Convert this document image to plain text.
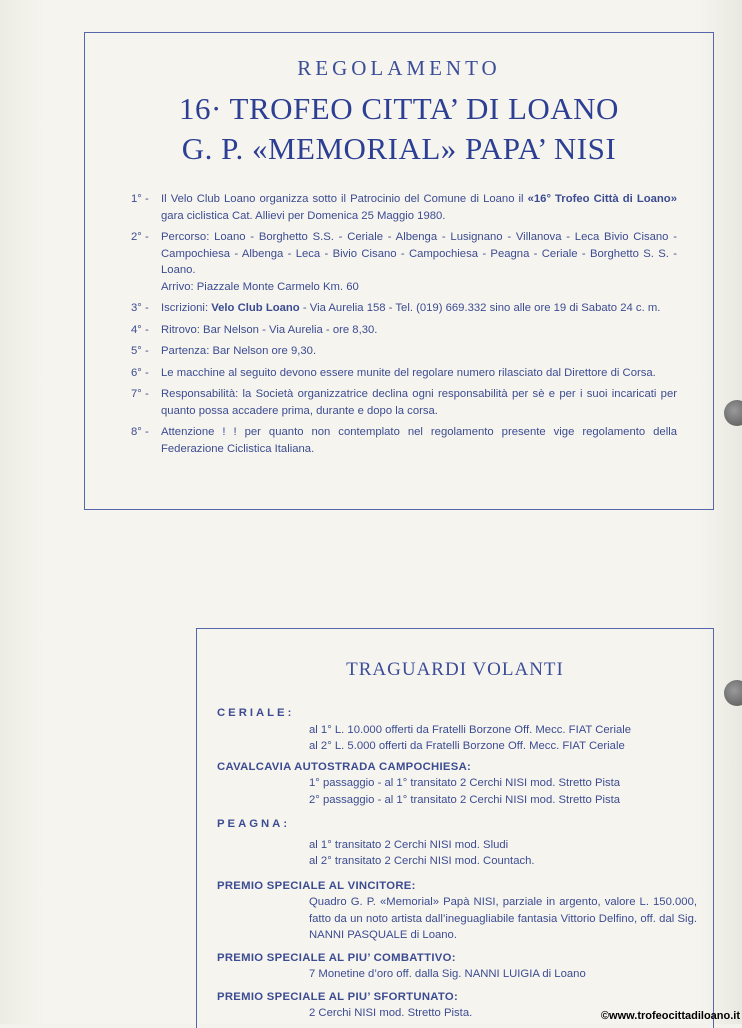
REGOLAMENTO
16· TROFEO CITTA’ DI LOANO
G. P. «MEMORIAL» PAPA’ NISI
1° -	Il Velo Club Loano organizza sotto il Patrocinio del Comune di Loano il «16° Trofeo Città di Loano» gara ciclistica Cat. Allievi per Domenica 25 Maggio 1980.
2° -	Percorso: Loano - Borghetto S.S. - Ceriale - Albenga - Lusignano - Villanova - Leca Bivio Cisano - Campochiesa - Albenga - Leca - Bivio Cisano - Campochiesa - Peagna - Ceriale - Borghetto S. S. - Loano.
Arrivo: Piazzale Monte Carmelo Km. 60
3° -	Iscrizioni: Velo Club Loano - Via Aurelia 158 - Tel. (019) 669.332 sino alle ore 19 di Sabato 24 c. m.
4° -	Ritrovo: Bar Nelson - Via Aurelia - ore 8,30.
5° -	Partenza: Bar Nelson ore 9,30.
6° -	Le macchine al seguito devono essere munite del regolare numero rilasciato dal Direttore di Corsa.
7° -	Responsabilità: la Società organizzatrice declina ogni responsabilità per sè e per i suoi incaricati per quanto possa accadere prima, durante e dopo la corsa.
8° -	Attenzione ! ! per quanto non contemplato nel regolamento presente vige regolamento della Federazione Ciclistica Italiana.
TRAGUARDI VOLANTI
CERIALE:
al 1° L. 10.000 offerti da Fratelli Borzone Off. Mecc. FIAT Ceriale
al 2° L. 5.000 offerti da Fratelli Borzone Off. Mecc. FIAT Ceriale
CAVALCAVIA AUTOSTRADA CAMPOCHIESA:
1° passaggio - al 1° transitato 2 Cerchi NISI mod. Stretto Pista
2° passaggio - al 1° transitato 2 Cerchi NISI mod. Stretto Pista
PEAGNA:
al 1° transitato 2 Cerchi NISI mod. Sludi
al 2° transitato 2 Cerchi NISI mod. Countach.
PREMIO SPECIALE AL VINCITORE:
Quadro G. P. «Memorial» Papà NISI, parziale in argento, valore L. 150.000, fatto da un noto artista dall’ineguagliabile fantasia Vittorio Delfino, off. dal Sig. NANNI PASQUALE di Loano.
PREMIO SPECIALE AL PIU’ COMBATTIVO:
7 Monetine d’oro off. dalla Sig. NANNI LUIGIA di Loano
PREMIO SPECIALE AL PIU’ SFORTUNATO:
2 Cerchi NISI mod. Stretto Pista.	©www.trofeocittadiloano.it
